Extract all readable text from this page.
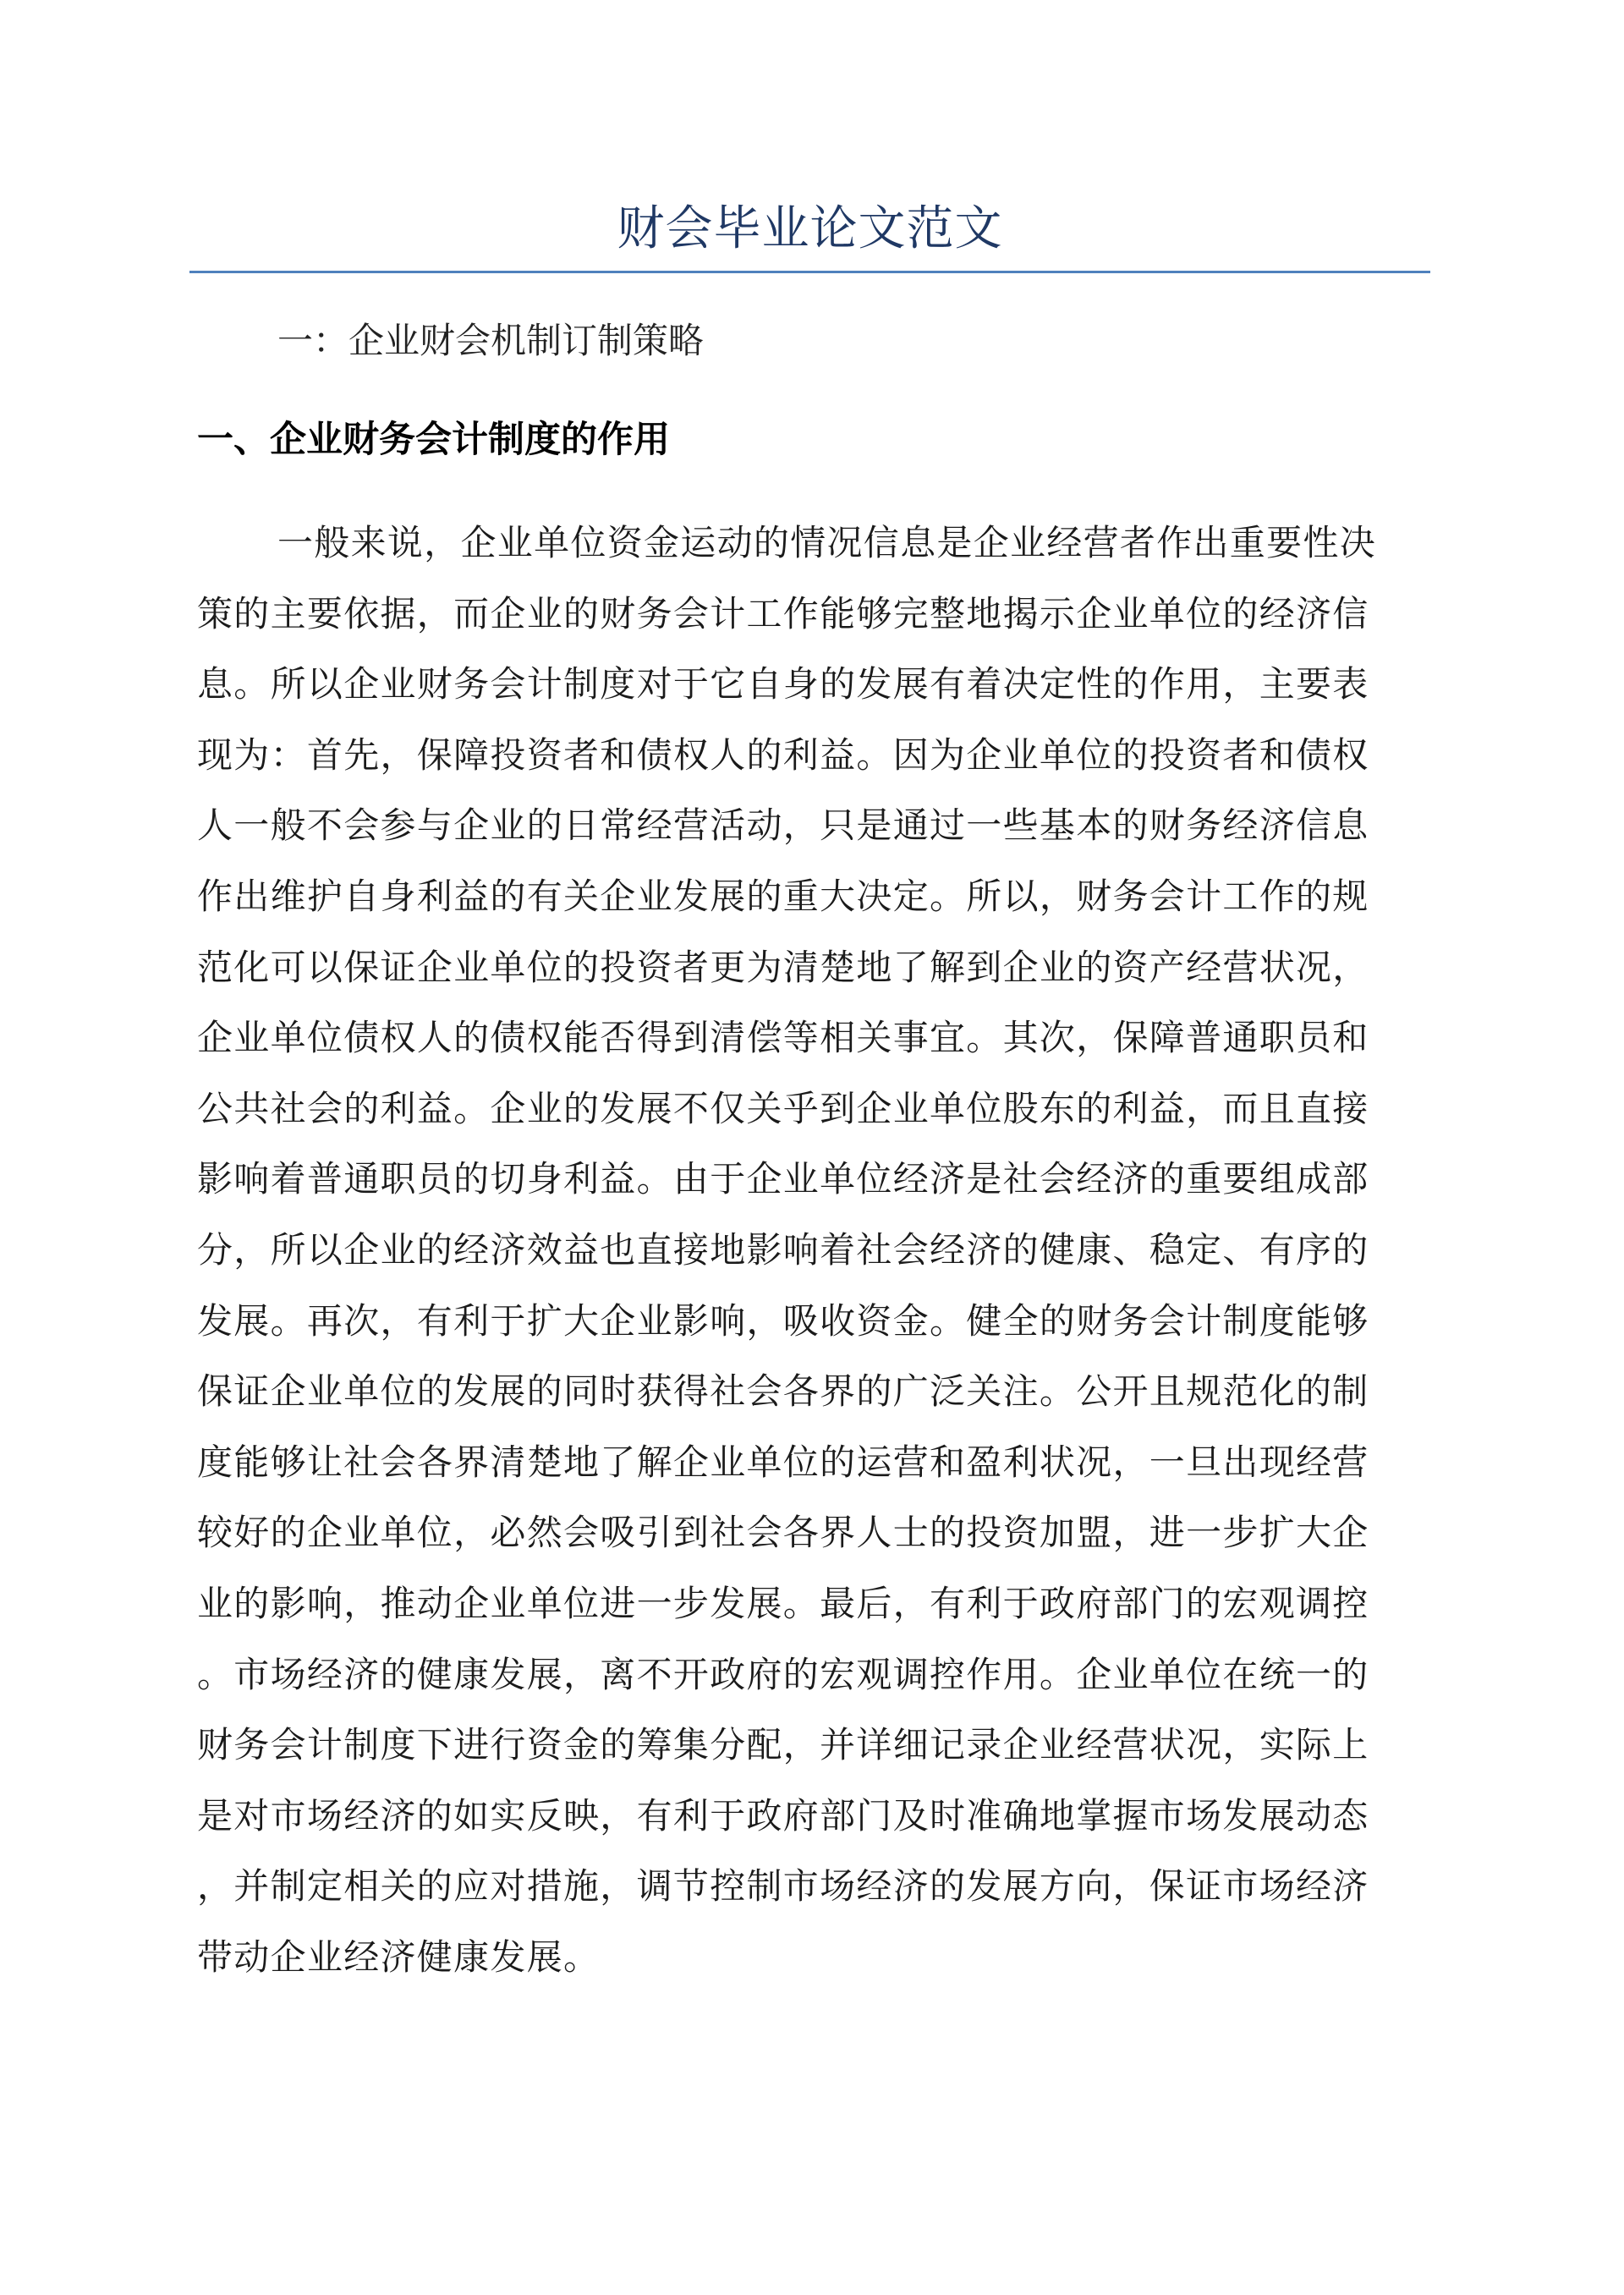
财会毕业论文范文
一：企业财会机制订制策略
一、企业财务会计制度的作用
一般来说，企业单位资金运动的情况信息是企业经营者作出重要性决
策的主要依据，而企业的财务会计工作能够完整地揭示企业单位的经济信
息。所以企业财务会计制度对于它自身的发展有着决定性的作用，主要表
现为：首先，保障投资者和债权人的利益。因为企业单位的投资者和债权
人一般不会参与企业的日常经营活动，只是通过一些基本的财务经济信息
作出维护自身利益的有关企业发展的重大决定。所以，财务会计工作的规
范化可以保证企业单位的投资者更为清楚地了解到企业的资产经营状况，
企业单位债权人的债权能否得到清偿等相关事宜。其次，保障普通职员和
公共社会的利益。企业的发展不仅关乎到企业单位股东的利益，而且直接
影响着普通职员的切身利益。由于企业单位经济是社会经济的重要组成部
分，所以企业的经济效益也直接地影响着社会经济的健康、稳定、有序的
发展。再次，有利于扩大企业影响，吸收资金。健全的财务会计制度能够
保证企业单位的发展的同时获得社会各界的广泛关注。公开且规范化的制
度能够让社会各界清楚地了解企业单位的运营和盈利状况，一旦出现经营
较好的企业单位，必然会吸引到社会各界人士的投资加盟，进一步扩大企
业的影响，推动企业单位进一步发展。最后，有利于政府部门的宏观调控
。市场经济的健康发展，离不开政府的宏观调控作用。企业单位在统一的
财务会计制度下进行资金的筹集分配，并详细记录企业经营状况，实际上
是对市场经济的如实反映，有利于政府部门及时准确地掌握市场发展动态
，并制定相关的应对措施，调节控制市场经济的发展方向，保证市场经济
带动企业经济健康发展。
